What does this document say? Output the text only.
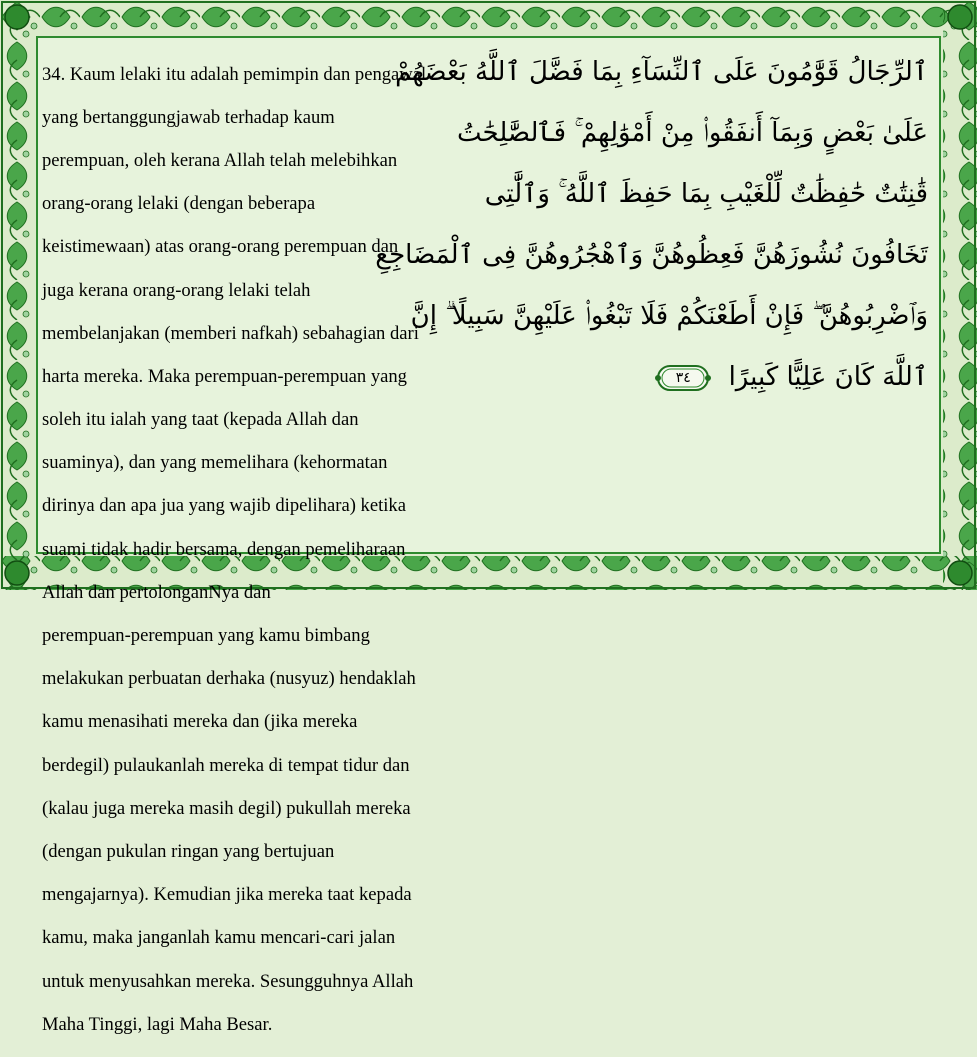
34. Kaum lelaki itu adalah pemimpin dan pengawal

yang bertanggungjawab terhadap kaum

perempuan, oleh kerana Allah telah melebihkan

orang-orang lelaki (dengan beberapa

keistimewaan) atas orang-orang perempuan dan

juga kerana orang-orang lelaki telah

membelanjakan (memberi nafkah) sebahagian dari

harta mereka. Maka perempuan-perempuan yang

soleh itu ialah yang taat (kepada Allah dan

suaminya), dan yang memelihara (kehormatan

dirinya dan apa jua yang wajib dipelihara) ketika

suami tidak hadir bersama, dengan pemeliharaan

Allah dan pertolonganNya dan

perempuan-perempuan yang kamu bimbang

melakukan perbuatan derhaka (nusyuz) hendaklah

kamu menasihati mereka dan (jika mereka

berdegil) pulaukanlah mereka di tempat tidur dan

(kalau juga mereka masih degil) pukullah mereka

(dengan pukulan ringan yang bertujuan

mengajarnya). Kemudian jika mereka taat kepada

kamu, maka janganlah kamu mencari-cari jalan

untuk menyusahkan mereka. Sesungguhnya Allah

Maha Tinggi, lagi Maha Besar.

ٱلرِّجَالُ قَوَّٰمُونَ عَلَى ٱلنِّسَآءِ بِمَا فَضَّلَ ٱللَّهُ بَعْضَهُمْ
عَلَىٰ بَعْضٍ وَبِمَآ أَنفَقُوا۟ مِنْ أَمْوَٰلِهِمْ ۚ فَٱلصَّٰلِحَٰتُ
قَٰنِتَٰتٌ حَٰفِظَٰتٌ لِّلْغَيْبِ بِمَا حَفِظَ ٱللَّهُ ۚ وَٱلَّٰتِى
تَخَافُونَ نُشُوزَهُنَّ فَعِظُوهُنَّ وَٱهْجُرُوهُنَّ فِى ٱلْمَضَاجِعِ
وَٱضْرِبُوهُنَّ ۖ فَإِنْ أَطَعْنَكُمْ فَلَا تَبْغُوا۟ عَلَيْهِنَّ سَبِيلًا ۗ إِنَّ
ٱللَّهَ كَانَ عَلِيًّا كَبِيرًا
٣٤
